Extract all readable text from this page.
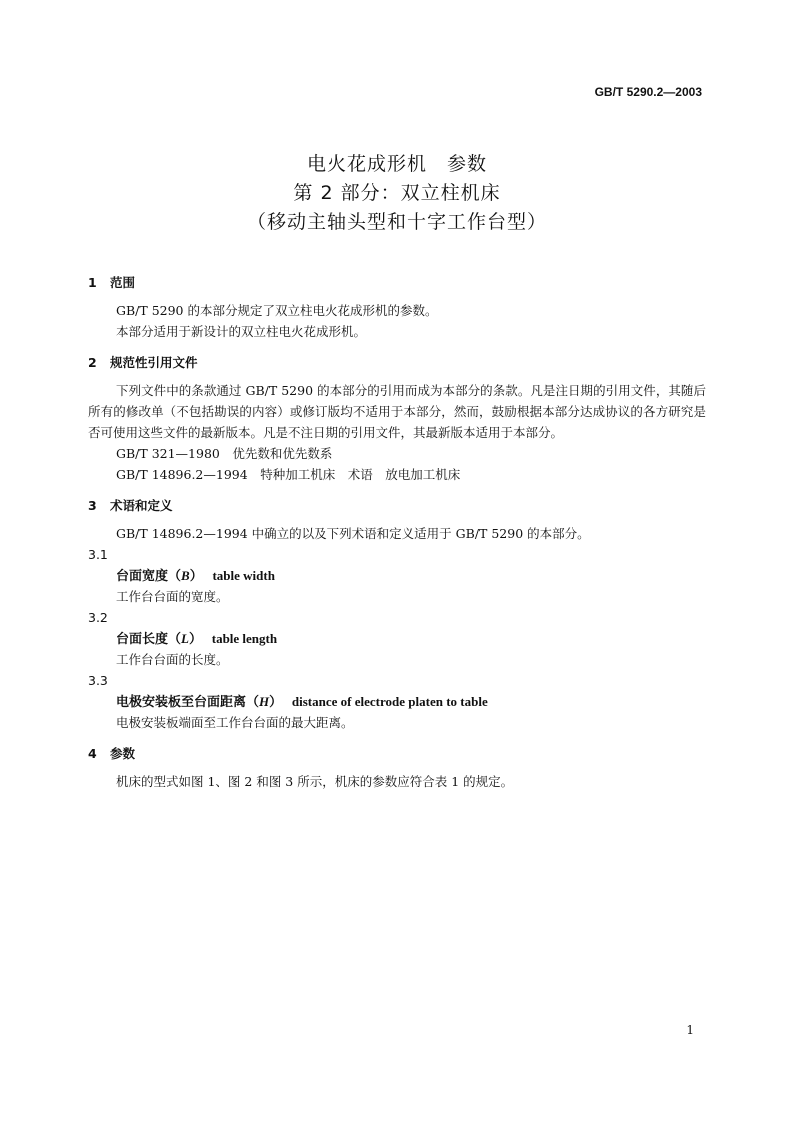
GB/T 5290.2—2003
电火花成形机　参数
第 2 部分：双立柱机床
（移动主轴头型和十字工作台型）
1 范围
GB/T 5290 的本部分规定了双立柱电火花成形机的参数。
本部分适用于新设计的双立柱电火花成形机。
2 规范性引用文件
下列文件中的条款通过 GB/T 5290 的本部分的引用而成为本部分的条款。凡是注日期的引用文件，其随后所有的修改单（不包括勘误的内容）或修订版均不适用于本部分，然而，鼓励根据本部分达成协议的各方研究是否可使用这些文件的最新版本。凡是不注日期的引用文件，其最新版本适用于本部分。
GB/T 321—1980　优先数和优先数系
GB/T 14896.2—1994　特种加工机床　术语　放电加工机床
3 术语和定义
GB/T 14896.2—1994 中确立的以及下列术语和定义适用于 GB/T 5290 的本部分。
3.1
台面宽度（B） table width
工作台台面的宽度。
3.2
台面长度（L） table length
工作台台面的长度。
3.3
电极安装板至台面距离（H） distance of electrode platen to table
电极安装板端面至工作台台面的最大距离。
4 参数
机床的型式如图 1、图 2 和图 3 所示，机床的参数应符合表 1 的规定。
1
